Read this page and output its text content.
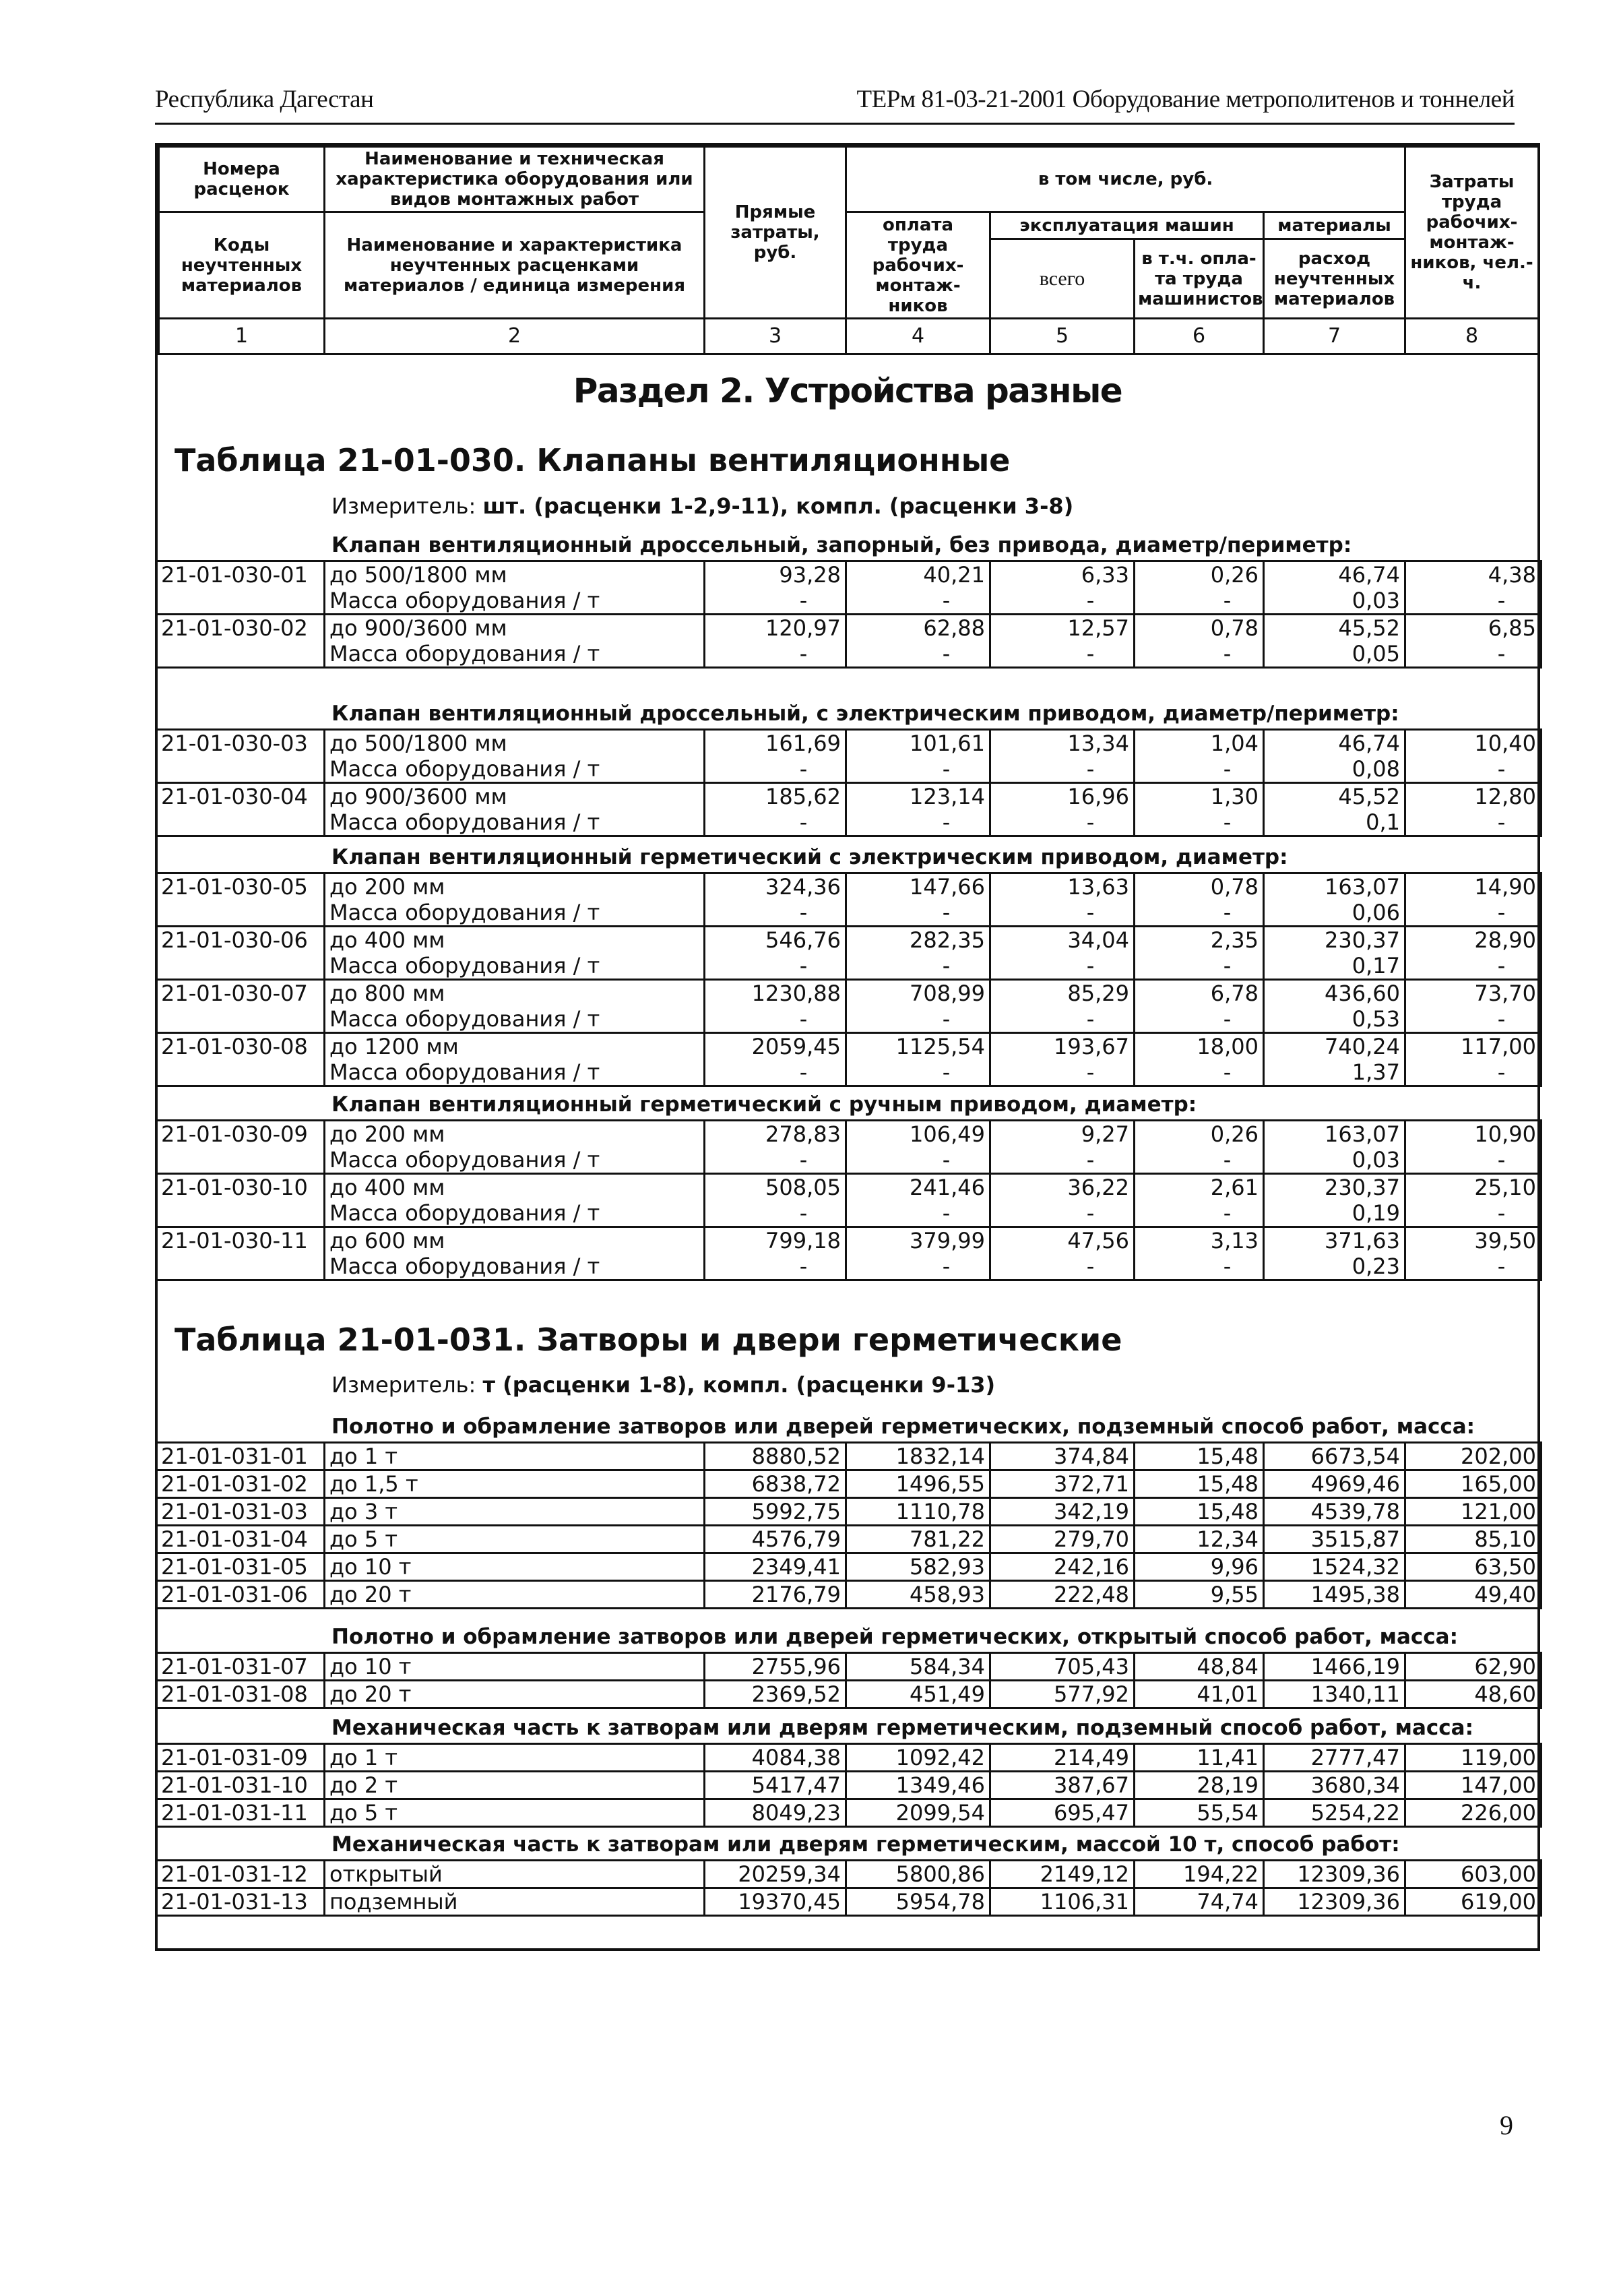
Республика Дагестан	ТЕРм 81-03-21-2001 Оборудование метрополитенов и тоннелей
Номера расценок	Наименование и техническая характеристика оборудования или видов монтажных работ	Прямые затраты, руб.	в том числе, руб.				Затраты труда рабочих-монтаж-ников, чел.-ч.
Коды неучтенных материалов	Наименование и характеристика неучтенных расценками материалов / единица измерения		оплата труда рабочих-монтаж-ников	эксплуатация машин		материалы	
				всего	в т.ч. опла-та труда машинистов	расход неучтенных материалов	
1	2	3	4	5	6	7	8
Раздел 2. Устройства разные
Таблица 21-01-030. Клапаны вентиляционные
Измеритель: шт. (расценки 1-2,9-11), компл. (расценки 3-8)
Клапан вентиляционный дроссельный, запорный, без привода, диаметр/периметр:
21-01-030-01	до 500/1800 мм	93,28	40,21	6,33	0,26	46,74	4,38
	Масса оборудования / т	-	-	-	-	0,03	-
21-01-030-02	до 900/3600 мм	120,97	62,88	12,57	0,78	45,52	6,85
	Масса оборудования / т	-	-	-	-	0,05	-
Клапан вентиляционный дроссельный, с электрическим приводом, диаметр/периметр:
21-01-030-03	до 500/1800 мм	161,69	101,61	13,34	1,04	46,74	10,40
	Масса оборудования / т	-	-	-	-	0,08	-
21-01-030-04	до 900/3600 мм	185,62	123,14	16,96	1,30	45,52	12,80
	Масса оборудования / т	-	-	-	-	0,1	-
Клапан вентиляционный герметический с электрическим приводом, диаметр:
21-01-030-05	до 200 мм	324,36	147,66	13,63	0,78	163,07	14,90
	Масса оборудования / т	-	-	-	-	0,06	-
21-01-030-06	до 400 мм	546,76	282,35	34,04	2,35	230,37	28,90
	Масса оборудования / т	-	-	-	-	0,17	-
21-01-030-07	до 800 мм	1230,88	708,99	85,29	6,78	436,60	73,70
	Масса оборудования / т	-	-	-	-	0,53	-
21-01-030-08	до 1200 мм	2059,45	1125,54	193,67	18,00	740,24	117,00
	Масса оборудования / т	-	-	-	-	1,37	-
Клапан вентиляционный герметический с ручным приводом, диаметр:
21-01-030-09	до 200 мм	278,83	106,49	9,27	0,26	163,07	10,90
	Масса оборудования / т	-	-	-	-	0,03	-
21-01-030-10	до 400 мм	508,05	241,46	36,22	2,61	230,37	25,10
	Масса оборудования / т	-	-	-	-	0,19	-
21-01-030-11	до 600 мм	799,18	379,99	47,56	3,13	371,63	39,50
	Масса оборудования / т	-	-	-	-	0,23	-
Таблица 21-01-031. Затворы и двери герметические
Измеритель: т (расценки 1-8), компл. (расценки 9-13)
Полотно и обрамление затворов или дверей герметических, подземный способ работ, масса:
21-01-031-01	до 1 т	8880,52	1832,14	374,84	15,48	6673,54	202,00
21-01-031-02	до 1,5 т	6838,72	1496,55	372,71	15,48	4969,46	165,00
21-01-031-03	до 3 т	5992,75	1110,78	342,19	15,48	4539,78	121,00
21-01-031-04	до 5 т	4576,79	781,22	279,70	12,34	3515,87	85,10
21-01-031-05	до 10 т	2349,41	582,93	242,16	9,96	1524,32	63,50
21-01-031-06	до 20 т	2176,79	458,93	222,48	9,55	1495,38	49,40
Полотно и обрамление затворов или дверей герметических, открытый способ работ, масса:
21-01-031-07	до 10 т	2755,96	584,34	705,43	48,84	1466,19	62,90
21-01-031-08	до 20 т	2369,52	451,49	577,92	41,01	1340,11	48,60
Механическая часть к затворам или дверям герметическим, подземный способ работ, масса:
21-01-031-09	до 1 т	4084,38	1092,42	214,49	11,41	2777,47	119,00
21-01-031-10	до 2 т	5417,47	1349,46	387,67	28,19	3680,34	147,00
21-01-031-11	до 5 т	8049,23	2099,54	695,47	55,54	5254,22	226,00
Механическая часть к затворам или дверям герметическим, массой 10 т, способ работ:
21-01-031-12	открытый	20259,34	5800,86	2149,12	194,22	12309,36	603,00
21-01-031-13	подземный	19370,45	5954,78	1106,31	74,74	12309,36	619,00
9
